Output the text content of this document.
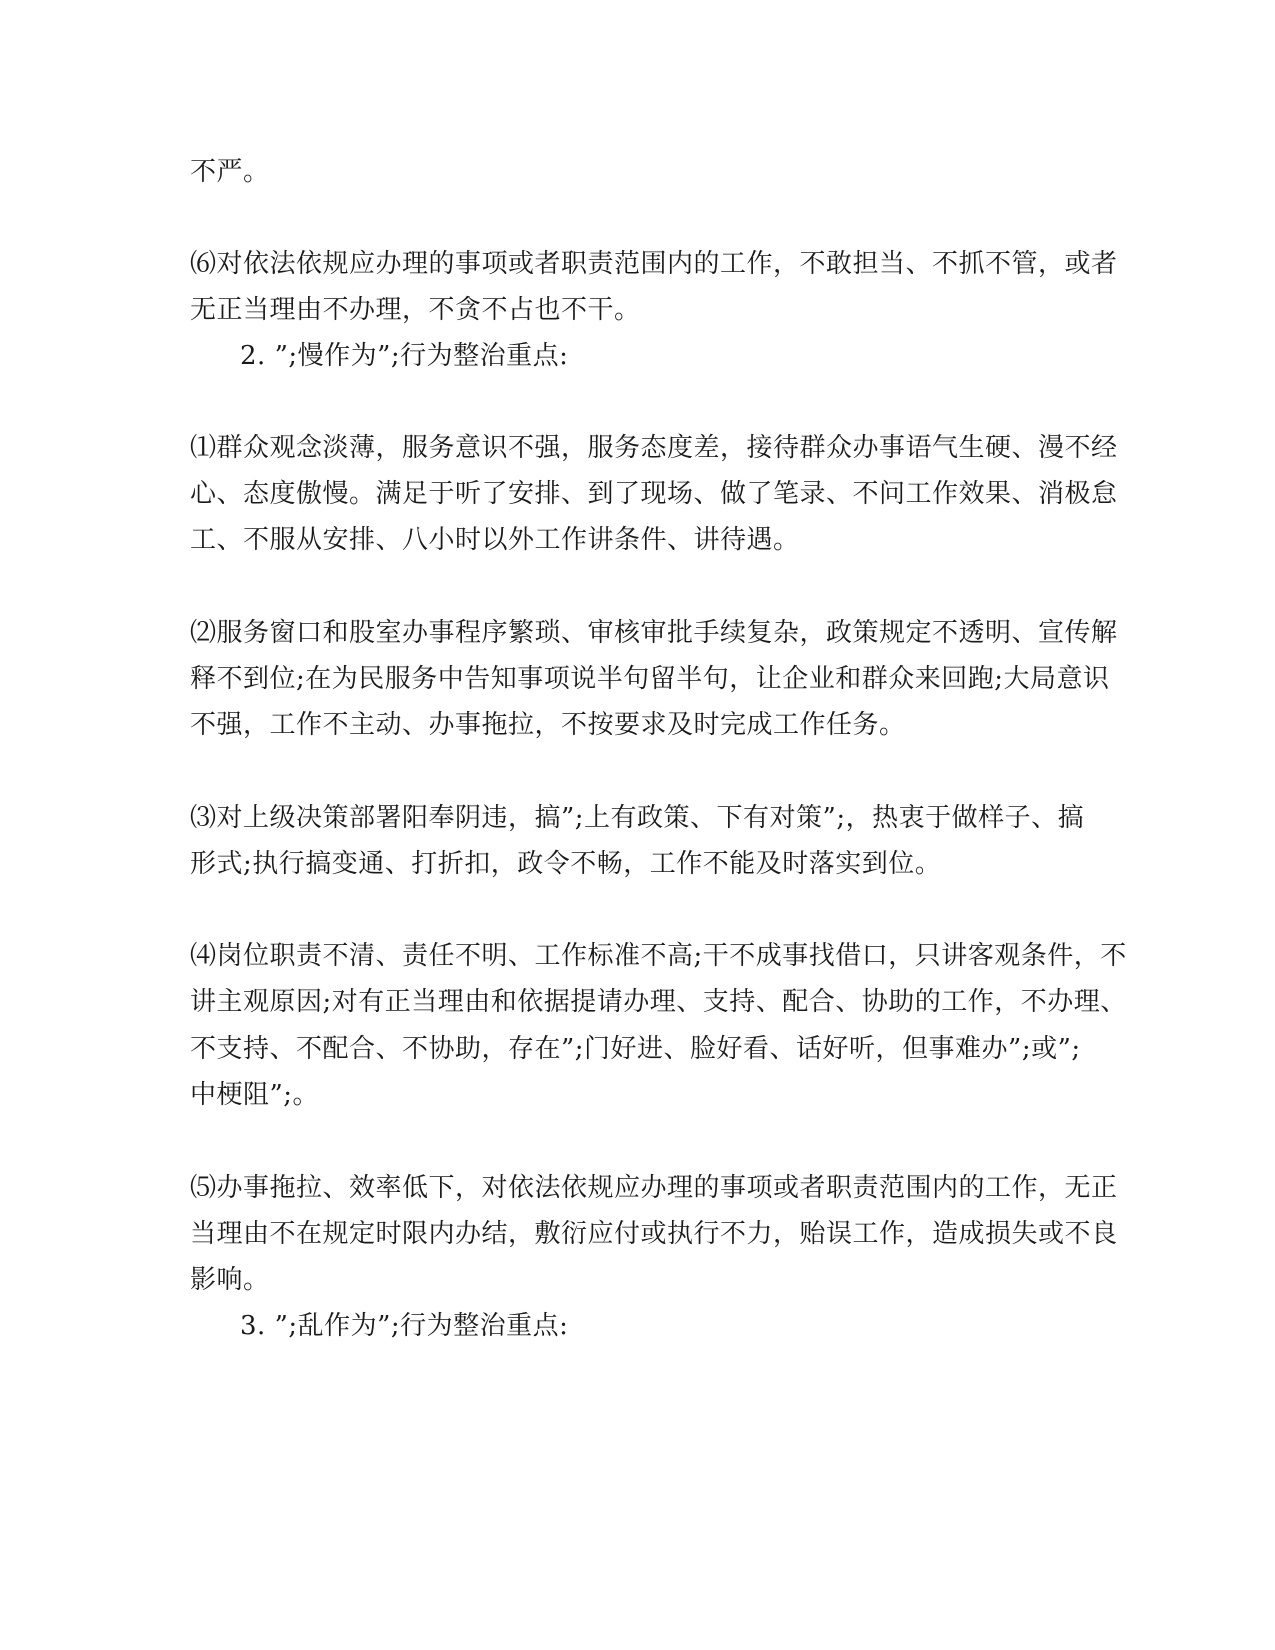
不严。
⑹对依法依规应办理的事项或者职责范围内的工作，不敢担当、不抓不管，或者
无正当理由不办理，不贪不占也不干。
2. ”;慢作为”;行为整治重点:
⑴群众观念淡薄，服务意识不强，服务态度差，接待群众办事语气生硬、漫不经
心、态度傲慢。满足于听了安排、到了现场、做了笔录、不问工作效果、消极怠
工、不服从安排、八小时以外工作讲条件、讲待遇。
⑵服务窗口和股室办事程序繁琐、审核审批手续复杂，政策规定不透明、宣传解
释不到位;在为民服务中告知事项说半句留半句，让企业和群众来回跑;大局意识
不强，工作不主动、办事拖拉，不按要求及时完成工作任务。
⑶对上级决策部署阳奉阴违，搞”;上有政策、下有对策”;，热衷于做样子、搞
形式;执行搞变通、打折扣，政令不畅，工作不能及时落实到位。
⑷岗位职责不清、责任不明、工作标准不高;干不成事找借口，只讲客观条件，不
讲主观原因;对有正当理由和依据提请办理、支持、配合、协助的工作，不办理、
不支持、不配合、不协助，存在”;门好进、脸好看、话好听，但事难办”;或”;
中梗阻”;。
⑸办事拖拉、效率低下，对依法依规应办理的事项或者职责范围内的工作，无正
当理由不在规定时限内办结，敷衍应付或执行不力，贻误工作，造成损失或不良
影响。
3. ”;乱作为”;行为整治重点:
